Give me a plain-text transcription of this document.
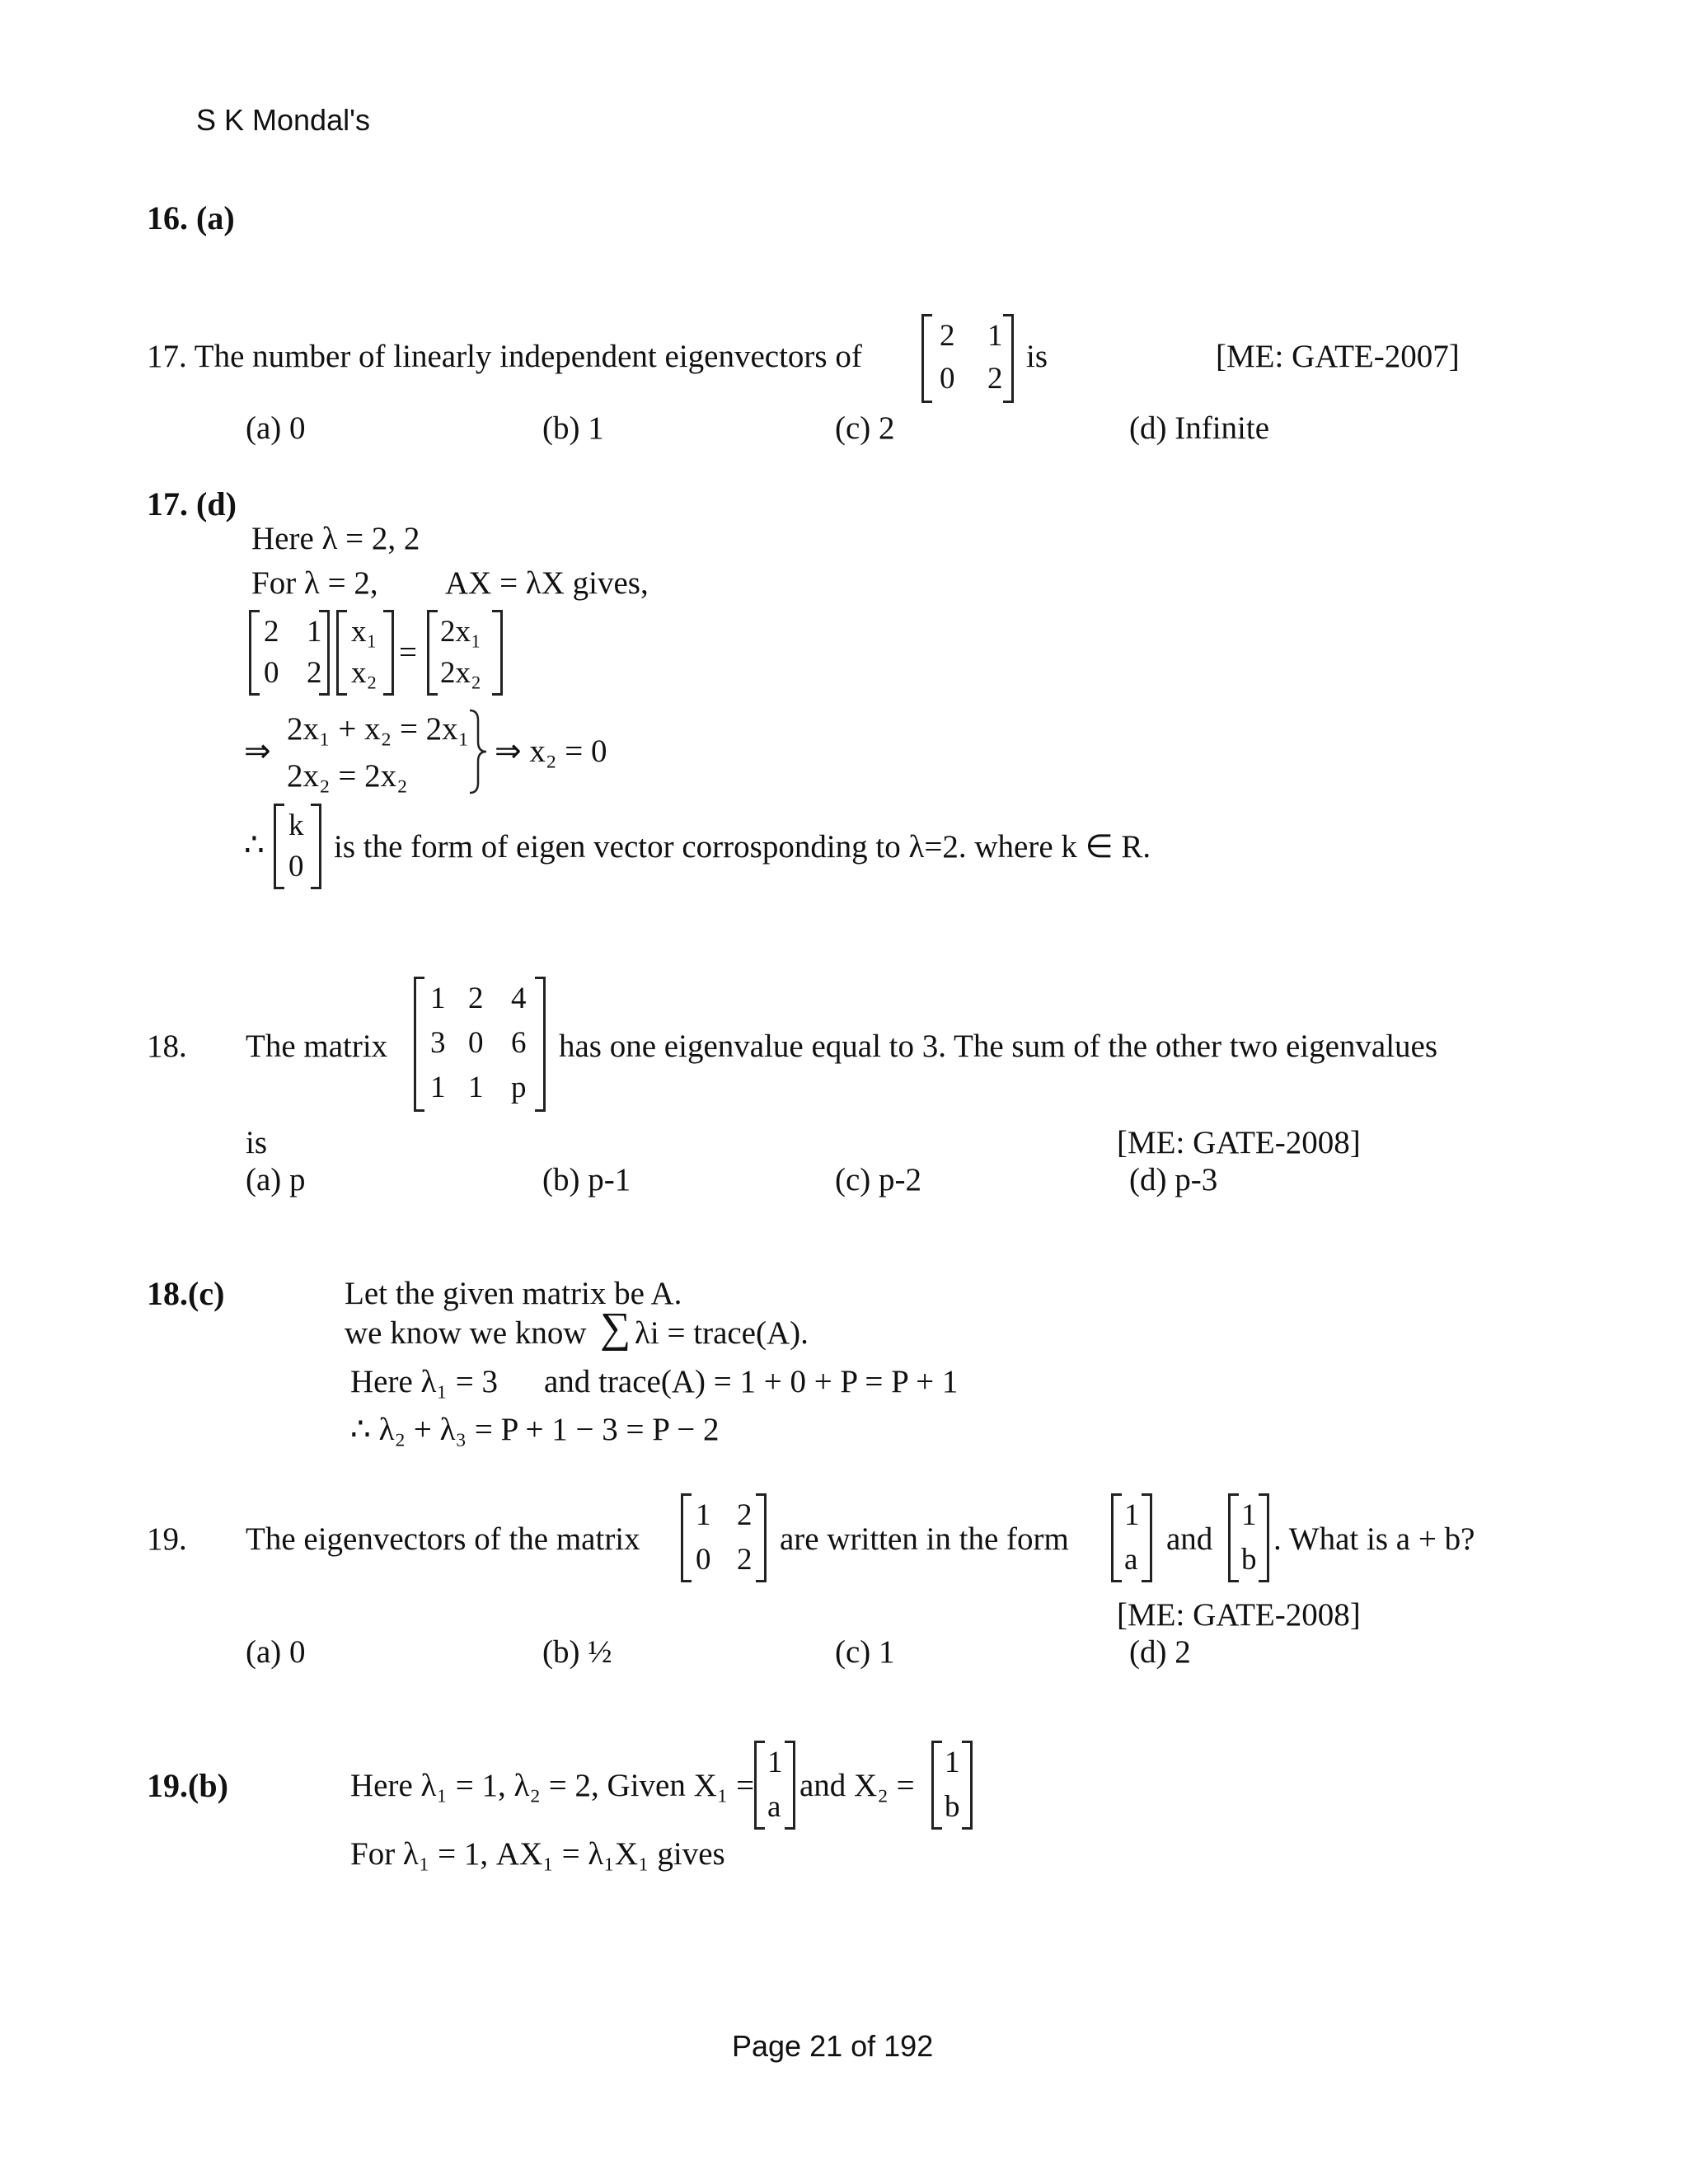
S K Mondal's
16. (a)
17. The number of linearly independent eigenvectors of
2 1
0 2
is	[ME: GATE-2007]
(a) 0	(b) 1	(c) 2	(d) Infinite
17. (d)
Here λ = 2, 2
For λ = 2, AX = λX gives,
2 1
0 2
x₁
x₂
=
2x₁
2x₂
⇒
2x₁ + x₂ = 2x₁
2x₂ = 2x₂
⇒ x₂ = 0
∴
k
0
is the form of eigen vector corrosponding to λ=2. where k ∈ R.
18. The matrix
1 2 4
3 0 6
1 1 p
has one eigenvalue equal to 3. The sum of the other two eigenvalues
is	[ME: GATE-2008]
(a) p	(b) p-1	(c) p-2	(d) p-3
18.(c)	Let the given matrix be A.
we know we know ∑ λi = trace(A).
Here λ₁ = 3 and trace(A) = 1 + 0 + P = P + 1
∴ λ₂ + λ₃ = P + 1 − 3 = P − 2
19. The eigenvectors of the matrix
1 2
0 2
are written in the form
1
a
and
1
b
. What is a + b?
[ME: GATE-2008]
(a) 0	(b) ½	(c) 1	(d) 2
19.(b)	Here λ₁ = 1, λ₂ = 2, Given X₁ =
1
a
and X₂ =
1
b
For λ₁ = 1, AX₁ = λ₁X₁ gives
Page 21 of 192
